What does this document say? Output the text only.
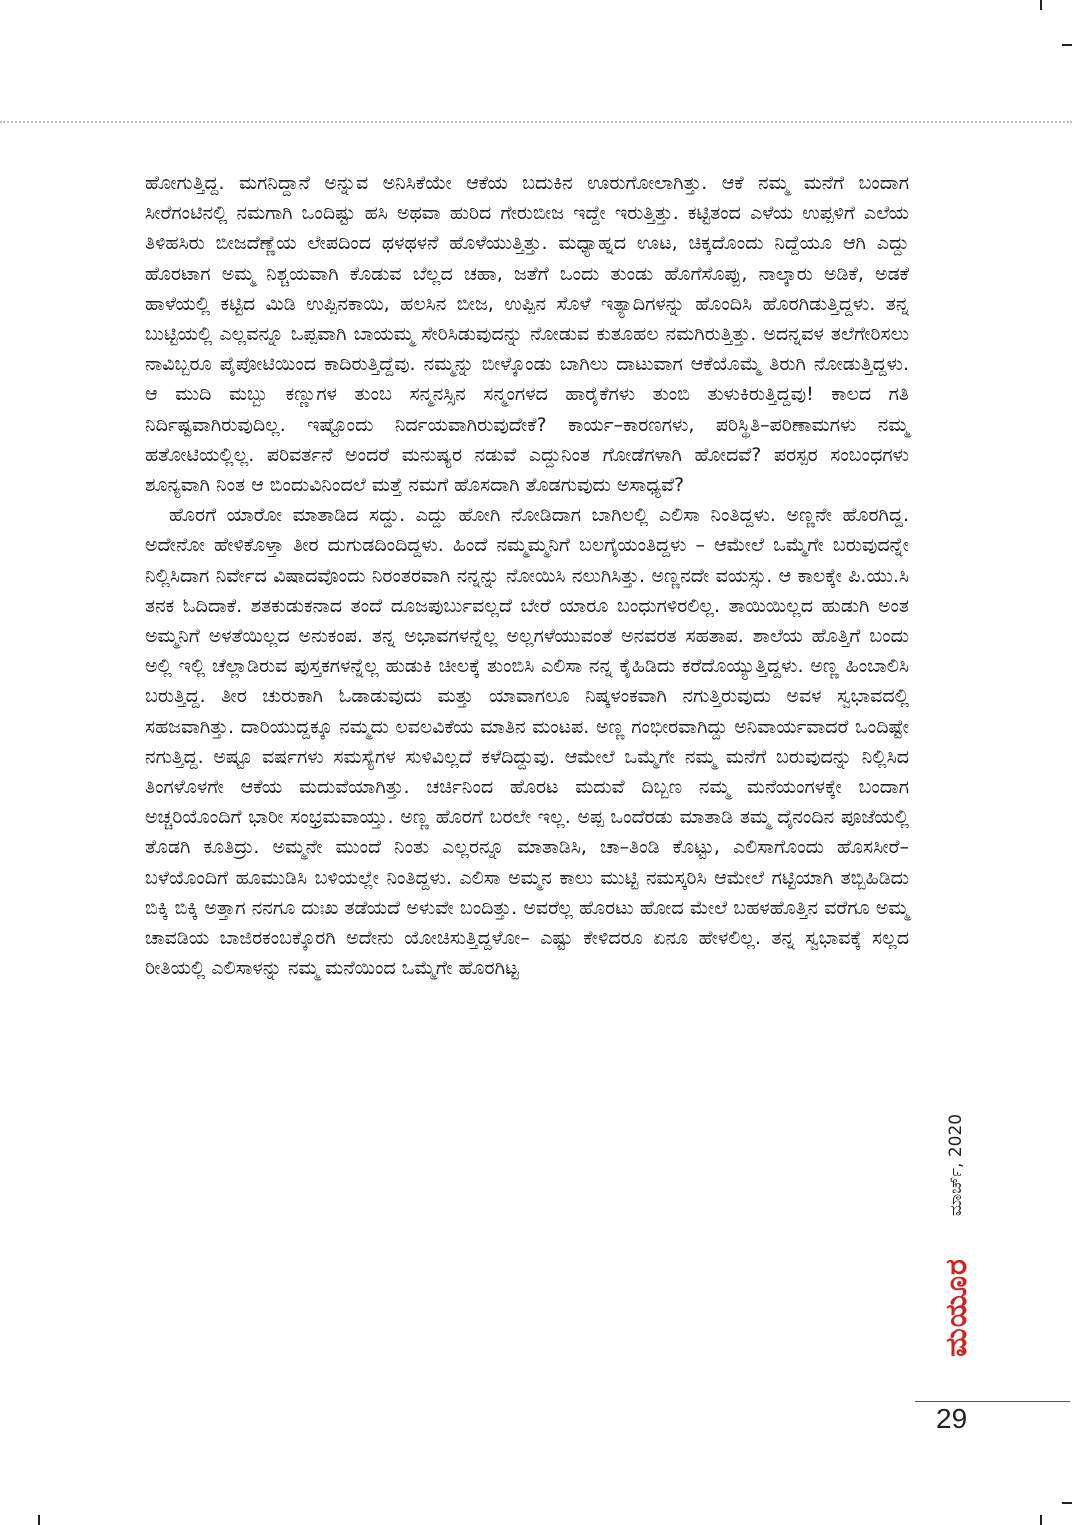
ಹೋಗುತ್ತಿದ್ದ. ಮಗನಿದ್ದಾನೆ ಅನ್ನುವ ಅನಿಸಿಕೆಯೇ ಆಕೆಯ ಬದುಕಿನ ಊರುಗೋಲಾಗಿತ್ತು. ಆಕೆ ನಮ್ಮ ಮನೆಗೆ ಬಂದಾಗ ಸೀರೆಗಂಟಿನಲ್ಲಿ ನಮಗಾಗಿ ಒಂದಿಷ್ಟು ಹಸಿ ಅಥವಾ ಹುರಿದ ಗೇರುಬೀಜ ಇದ್ದೇ ಇರುತ್ತಿತ್ತು. ಕಟ್ಟಿತಂದ ಎಳೆಯ ಉಪ್ಪಳಿಗೆ ಎಲೆಯ ತಿಳಿಹಸಿರು ಬೀಜದೆಣ್ಣೆಯ ಲೇಪದಿಂದ ಥಳಥಳನೆ ಹೊಳೆಯುತ್ತಿತ್ತು. ಮಧ್ಯಾಹ್ನದ ಊಟ, ಚಿಕ್ಕದೊಂದು ನಿದ್ದೆಯೂ ಆಗಿ ಎದ್ದು ಹೊರಟಾಗ ಅಮ್ಮ ನಿಶ್ಚಯವಾಗಿ ಕೊಡುವ ಬೆಲ್ಲದ ಚಹಾ, ಜತೆಗೆ ಒಂದು ತುಂಡು ಹೊಗೆಸೊಪ್ಪು, ನಾಲ್ಕಾರು ಅಡಿಕೆ, ಅಡಕೆ ಹಾಳೆಯಲ್ಲಿ ಕಟ್ಟಿದ ಮಿಡಿ ಉಪ್ಪಿನಕಾಯಿ, ಹಲಸಿನ ಬೀಜ, ಉಪ್ಪಿನ ಸೊಳೆ ಇತ್ಯಾದಿಗಳನ್ನು ಹೊಂದಿಸಿ ಹೊರಗಿಡುತ್ತಿದ್ದಳು. ತನ್ನ ಬುಟ್ಟಿಯಲ್ಲಿ ಎಲ್ಲವನ್ನೂ ಒಪ್ಪವಾಗಿ ಬಾಯಮ್ಮ ಸೇರಿಸಿಡುವುದನ್ನು ನೋಡುವ ಕುತೂಹಲ ನಮಗಿರುತ್ತಿತ್ತು. ಅದನ್ನವಳ ತಲೆಗೇರಿಸಲು ನಾವಿಬ್ಬರೂ ಪೈಪೋಟಿಯಿಂದ ಕಾದಿರುತ್ತಿದ್ದೆವು. ನಮ್ಮನ್ನು ಬೀಳ್ಕೊಂಡು ಬಾಗಿಲು ದಾಟುವಾಗ ಆಕೆಯೊಮ್ಮೆ ತಿರುಗಿ ನೋಡುತ್ತಿದ್ದಳು. ಆ ಮುದಿ ಮಬ್ಬು ಕಣ್ಣುಗಳ ತುಂಬ ಸನ್ಮನಸ್ಸಿನ ಸನ್ಮಂಗಳದ ಹಾರೈಕೆಗಳು ತುಂಬಿ ತುಳುಕಿರುತ್ತಿದ್ದವು! ಕಾಲದ ಗತಿ ನಿರ್ದಿಷ್ಟವಾಗಿರುವುದಿಲ್ಲ. ಇಷ್ಟೊಂದು ನಿರ್ದಯವಾಗಿರುವುದೇಕೆ? ಕಾರ್ಯ–ಕಾರಣಗಳು, ಪರಿಸ್ಥಿತಿ–ಪರಿಣಾಮಗಳು ನಮ್ಮ ಹತೋಟಿಯಲ್ಲಿಲ್ಲ. ಪರಿವರ್ತನೆ ಅಂದರೆ ಮನುಷ್ಯರ ನಡುವೆ ಎದ್ದುನಿಂತ ಗೋಡೆಗಳಾಗಿ ಹೋದವೆ? ಪರಸ್ಪರ ಸಂಬಂಧಗಳು ಶೂನ್ಯವಾಗಿ ನಿಂತ ಆ ಬಿಂದುವಿನಿಂದಲೆ ಮತ್ತೆ ನಮಗೆ ಹೊಸದಾಗಿ ತೊಡಗುವುದು ಅಸಾಧ್ಯವೆ?

ಹೊರಗೆ ಯಾರೋ ಮಾತಾಡಿದ ಸದ್ದು. ಎದ್ದು ಹೋಗಿ ನೋಡಿದಾಗ ಬಾಗಿಲಲ್ಲಿ ಎಲಿಸಾ ನಿಂತಿದ್ದಳು. ಅಣ್ಣನೇ ಹೊರಗಿದ್ದ. ಅದೇನೋ ಹೇಳಿಕೊಳ್ತಾ ತೀರ ದುಗುಡದಿಂದಿದ್ದಳು. ಹಿಂದೆ ನಮ್ಮಮ್ಮನಿಗೆ ಬಲಗೈಯಂತಿದ್ದಳು – ಆಮೇಲೆ ಒಮ್ಮೆಗೇ ಬರುವುದನ್ನೇ ನಿಲ್ಲಿಸಿದಾಗ ನಿರ್ವೇದ ವಿಷಾದವೊಂದು ನಿರಂತರವಾಗಿ ನನ್ನನ್ನು ನೋಯಿಸಿ ನಲುಗಿಸಿತ್ತು. ಅಣ್ಣನದೇ ವಯಸ್ಸು. ಆ ಕಾಲಕ್ಕೇ ಪಿ.ಯು.ಸಿ ತನಕ ಓದಿದಾಕೆ. ಶತಕುಡುಕನಾದ ತಂದೆ ದೂಜಪುರ್ಬುವಲ್ಲದೆ ಬೇರೆ ಯಾರೂ ಬಂಧುಗಳಿರಲಿಲ್ಲ. ತಾಯಿಯಿಲ್ಲದ ಹುಡುಗಿ ಅಂತ ಅಮ್ಮನಿಗೆ ಅಳತೆಯಿಲ್ಲದ ಅನುಕಂಪ. ತನ್ನ ಅಭಾವಗಳನ್ನೆಲ್ಲ ಅಲ್ಲಗಳೆಯುವಂತೆ ಅನವರತ ಸಹತಾಪ. ಶಾಲೆಯ ಹೊತ್ತಿಗೆ ಬಂದು ಅಲ್ಲಿ ಇಲ್ಲಿ ಚೆಲ್ಲಾಡಿರುವ ಪುಸ್ತಕಗಳನ್ನೆಲ್ಲ ಹುಡುಕಿ ಚೀಲಕ್ಕೆ ತುಂಬಿಸಿ ಎಲಿಸಾ ನನ್ನ ಕೈಹಿಡಿದು ಕರೆದೊಯ್ಯುತ್ತಿದ್ದಳು. ಅಣ್ಣ ಹಿಂಬಾಲಿಸಿ ಬರುತ್ತಿದ್ದ. ತೀರ ಚುರುಕಾಗಿ ಓಡಾಡುವುದು ಮತ್ತು ಯಾವಾಗಲೂ ನಿಷ್ಕಳಂಕವಾಗಿ ನಗುತ್ತಿರುವುದು ಅವಳ ಸ್ವಭಾವದಲ್ಲಿ ಸಹಜವಾಗಿತ್ತು. ದಾರಿಯುದ್ದಕ್ಕೂ ನಮ್ಮದು ಲವಲವಿಕೆಯ ಮಾತಿನ ಮಂಟಪ. ಅಣ್ಣ ಗಂಭೀರವಾಗಿದ್ದು ಅನಿವಾರ್ಯವಾದರೆ ಒಂದಿಷ್ಟೇ ನಗುತ್ತಿದ್ದ. ಅಷ್ಟೂ ವರ್ಷಗಳು ಸಮಸ್ಯೆಗಳ ಸುಳಿವಿಲ್ಲದೆ ಕಳೆದಿದ್ದುವು. ಆಮೇಲೆ ಒಮ್ಮೆಗೇ ನಮ್ಮ ಮನೆಗೆ ಬರುವುದನ್ನು ನಿಲ್ಲಿಸಿದ ತಿಂಗಳೊಳಗೇ ಆಕೆಯ ಮದುವೆಯಾಗಿತ್ತು. ಚರ್ಚಿನಿಂದ ಹೊರಟ ಮದುವೆ ದಿಬ್ಬಣ ನಮ್ಮ ಮನೆಯಂಗಳಕ್ಕೇ ಬಂದಾಗ ಅಚ್ಚರಿಯೊಂದಿಗೆ ಭಾರೀ ಸಂಭ್ರಮವಾಯ್ತು. ಅಣ್ಣ ಹೊರಗೆ ಬರಲೇ ಇಲ್ಲ. ಅಪ್ಪ ಒಂದೆರಡು ಮಾತಾಡಿ ತಮ್ಮ ದೈನಂದಿನ ಪೂಜೆಯಲ್ಲಿ ತೊಡಗಿ ಕೂತಿದ್ರು. ಅಮ್ಮನೇ ಮುಂದೆ ನಿಂತು ಎಲ್ಲರನ್ನೂ ಮಾತಾಡಿಸಿ, ಚಾ–ತಿಂಡಿ ಕೊಟ್ಟು, ಎಲಿಸಾಗೊಂದು ಹೊಸಸೀರೆ–ಬಳೆಯೊಂದಿಗೆ ಹೂಮುಡಿಸಿ ಬಳಿಯಲ್ಲೇ ನಿಂತಿದ್ದಳು. ಎಲಿಸಾ ಅಮ್ಮನ ಕಾಲು ಮುಟ್ಟಿ ನಮಸ್ಕರಿಸಿ ಆಮೇಲೆ ಗಟ್ಟಿಯಾಗಿ ತಬ್ಬಿಹಿಡಿದು ಬಿಕ್ಕಿ ಬಿಕ್ಕಿ ಅತ್ತಾಗ ನನಗೂ ದುಃಖ ತಡೆಯದೆ ಅಳುವೇ ಬಂದಿತ್ತು. ಅವರೆಲ್ಲ ಹೊರಟು ಹೋದ ಮೇಲೆ ಬಹಳಹೊತ್ತಿನ ವರೆಗೂ ಅಮ್ಮ ಚಾವಡಿಯ ಬಾಜಿರಕಂಬಕ್ಕೊರಗಿ ಅದೇನು ಯೋಚಿಸುತ್ತಿದ್ದಳೋ– ಎಷ್ಟು ಕೇಳಿದರೂ ಏನೂ ಹೇಳಲಿಲ್ಲ. ತನ್ನ ಸ್ವಭಾವಕ್ಕೆ ಸಲ್ಲದ ರೀತಿಯಲ್ಲಿ ಎಲಿಸಾಳನ್ನು ನಮ್ಮ ಮನೆಯಿಂದ ಒಮ್ಮೆಗೇ ಹೊರಗಿಟ್ಟ

ಮಾರ್ಚ್, 2020
ಮಯೂರ
29
